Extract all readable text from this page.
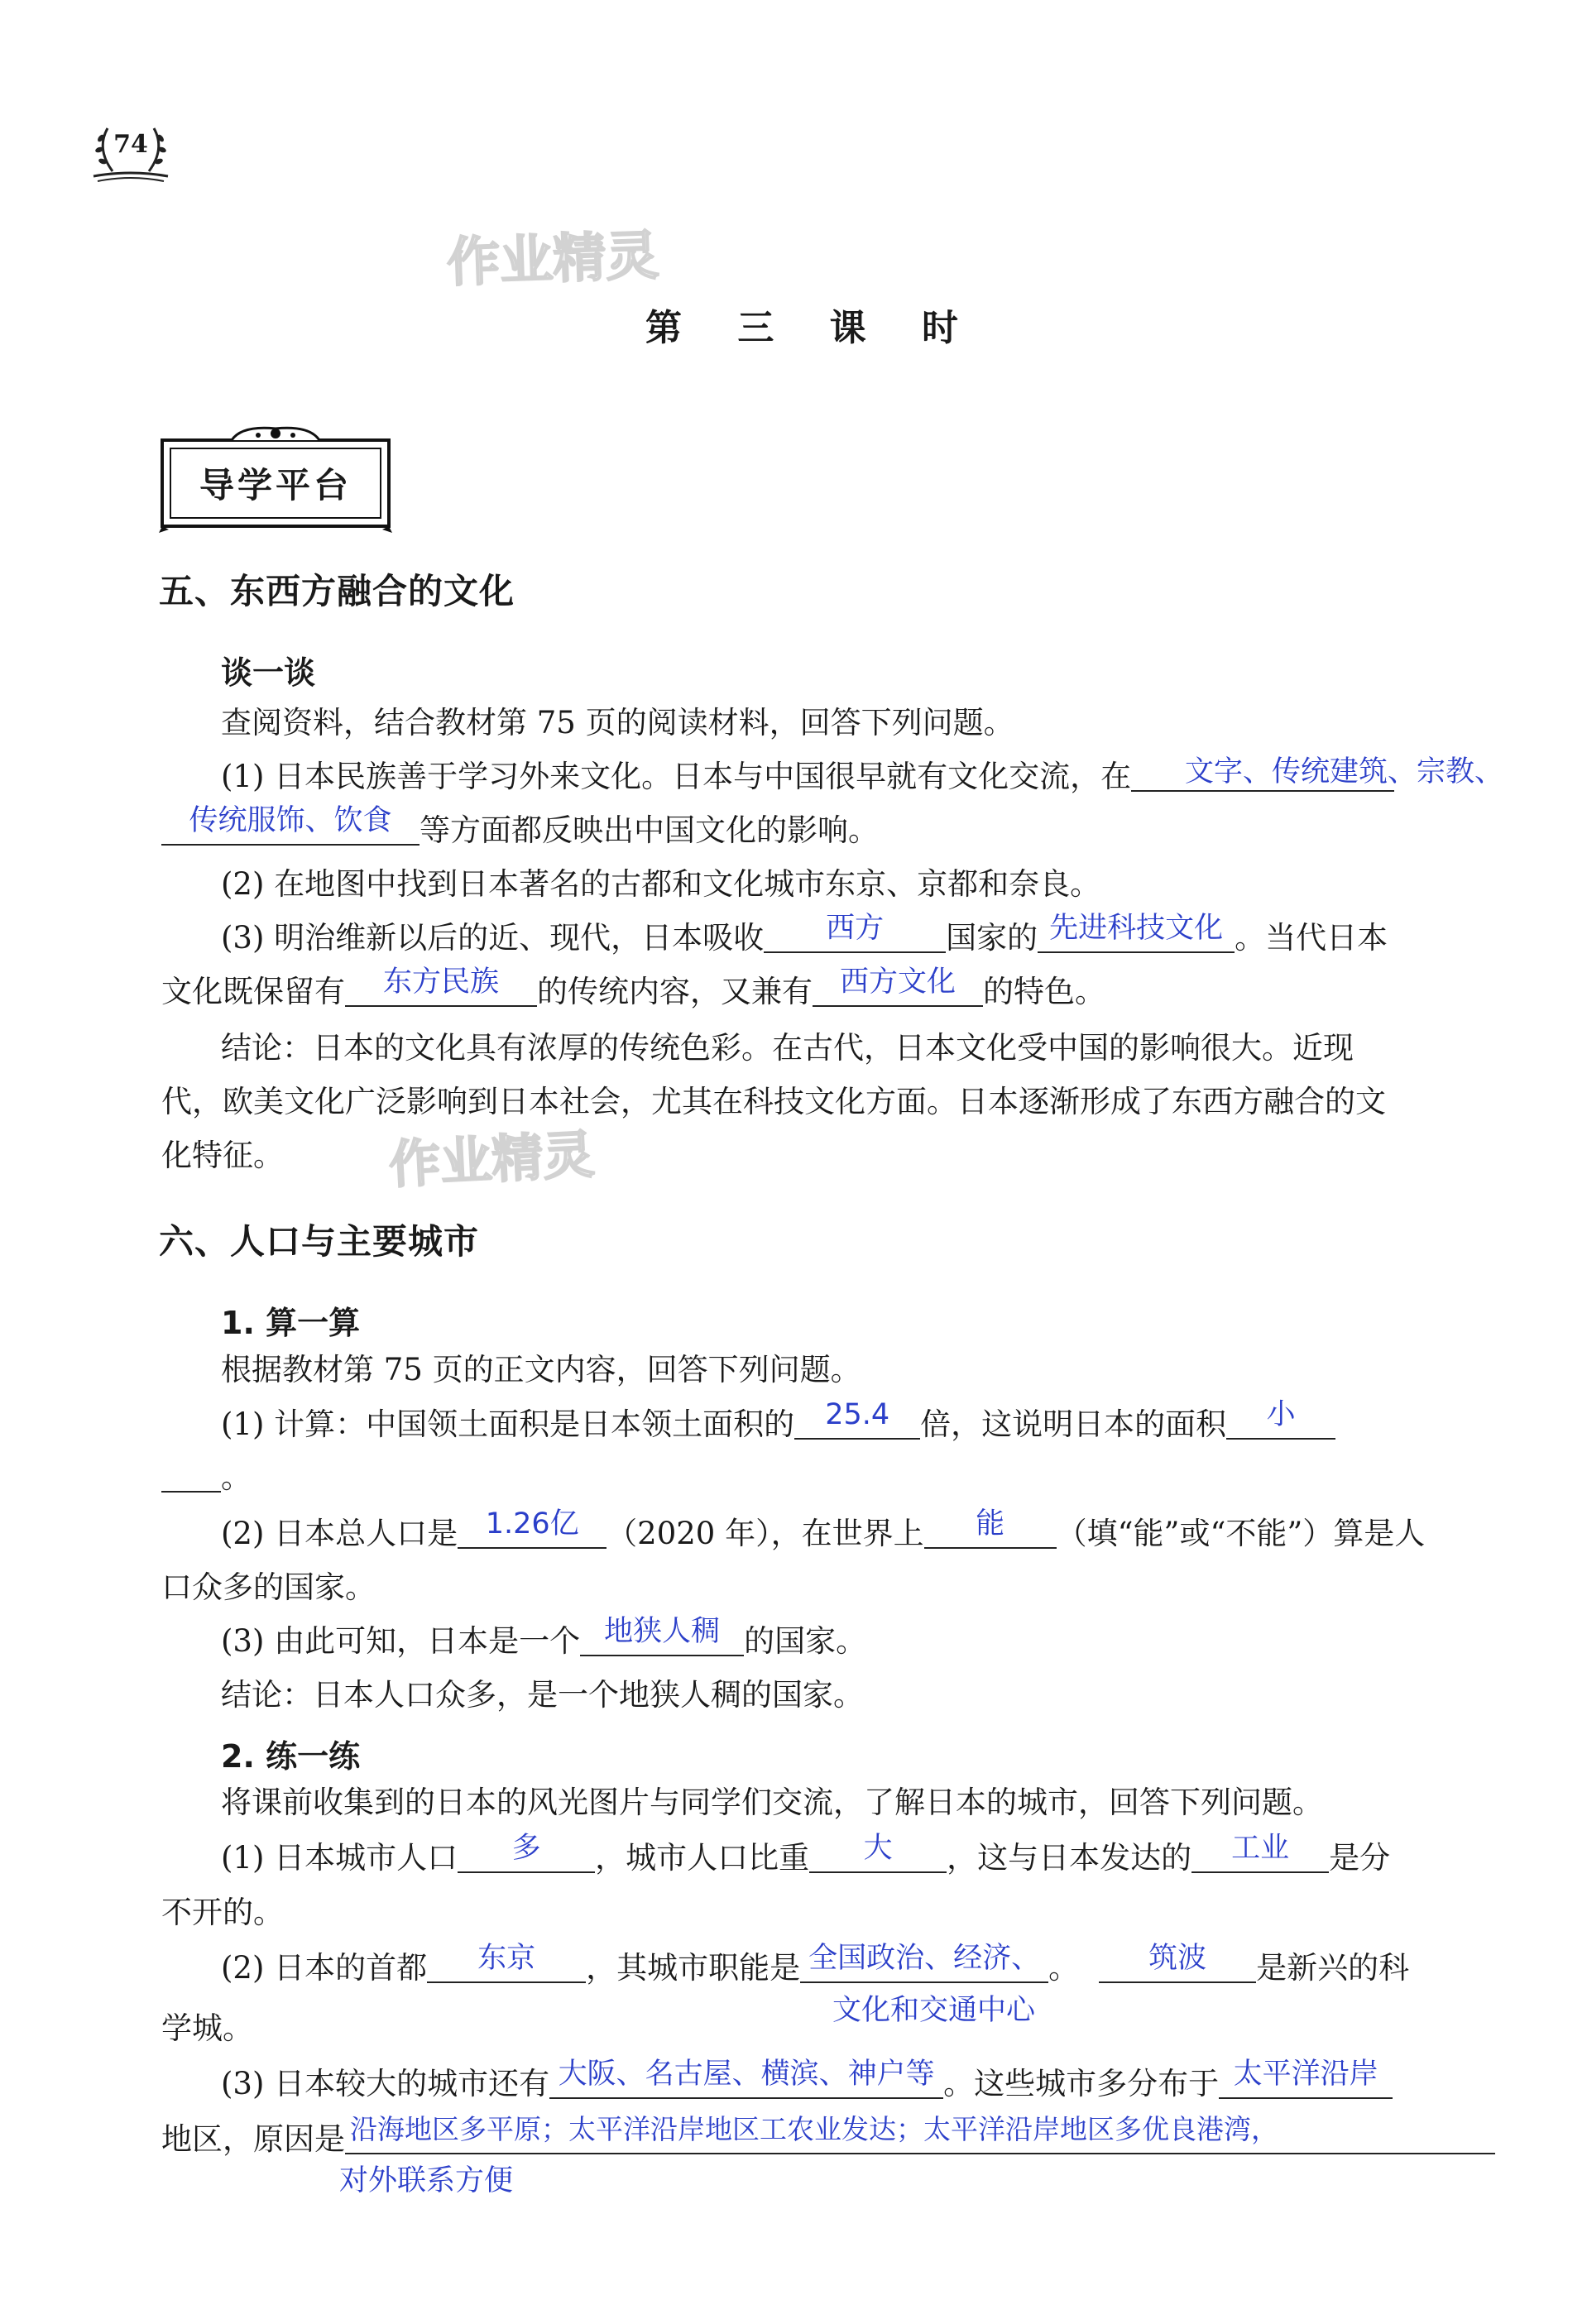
74
作业精灵
作业精灵
第 三 课 时
导学平台
五、东西方融合的文化
谈一谈
查阅资料，结合教材第 75 页的阅读材料，回答下列问题。
(1) 日本民族善于学习外来文化。日本与中国很早就有文化交流，在	文字、传统建筑、宗教、
传统服饰、饮食 等方面都反映出中国文化的影响。
(2) 在地图中找到日本著名的古都和文化城市东京、京都和奈良。
(3) 明治维新以后的近、现代，日本吸收	西方	国家的 先进科技文化 。当代日本
文化既保留有	东方民族	的传统内容，又兼有 西方文化 的特色。
结论：日本的文化具有浓厚的传统色彩。在古代，日本文化受中国的影响很大。近现
代，欧美文化广泛影响到日本社会，尤其在科技文化方面。日本逐渐形成了东西方融合的文
化特征。
六、人口与主要城市
1. 算一算
根据教材第 75 页的正文内容，回答下列问题。
(1) 计算：中国领土面积是日本领土面积的	25.4	倍，这说明日本的面积	小
。
(2) 日本总人口是 1.26亿 （2020 年），在世界上	能	（填“能”或“不能”）算是人
口众多的国家。
(3) 由此可知，日本是一个 地狭人稠 的国家。
结论：日本人口众多，是一个地狭人稠的国家。
2. 练一练
将课前收集到的日本的风光图片与同学们交流，了解日本的城市，回答下列问题。
(1) 日本城市人口	多	，城市人口比重	大	，这与日本发达的	工业	是分
不开的。
(2) 日本的首都	东京	，其城市职能是 全国政治、经济、 。	筑波	是新兴的科
文化和交通中心
学城。
(3) 日本较大的城市还有 大阪、名古屋、横滨、神户等 。这些城市多分布于 太平洋沿岸
地区，原因是 沿海地区多平原；太平洋沿岸地区工农业发达；太平洋沿岸地区多优良港湾，
对外联系方便
